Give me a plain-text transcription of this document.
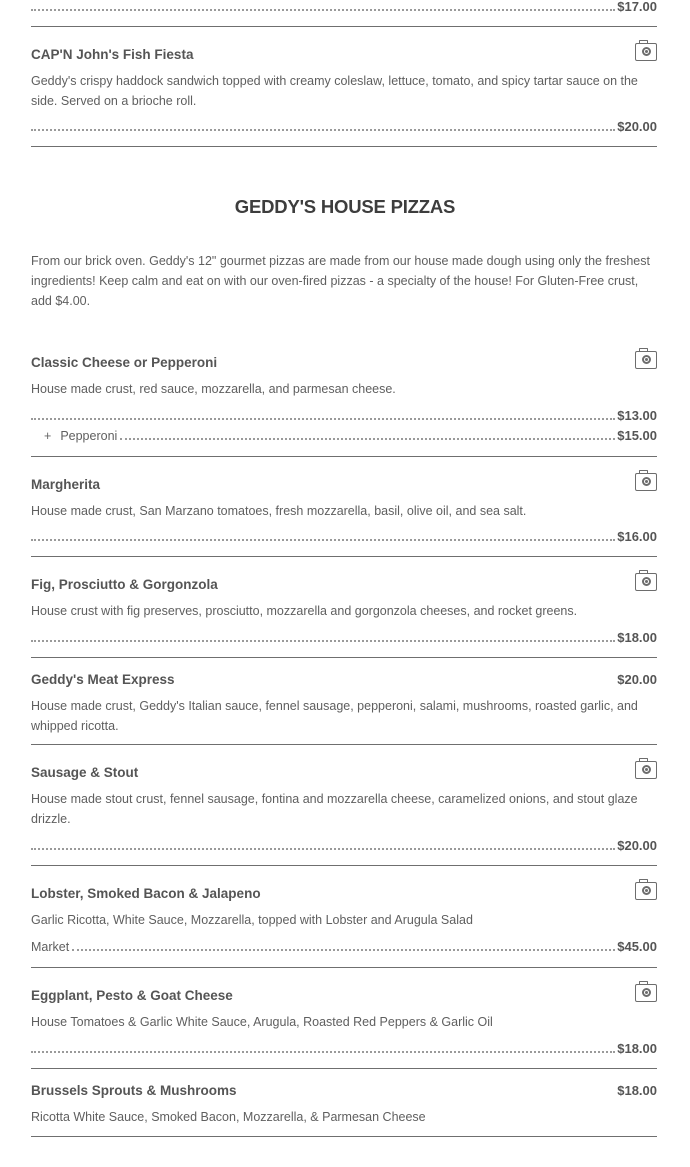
$17.00
CAP'N John's Fish Fiesta
Geddy's crispy haddock sandwich topped with creamy coleslaw, lettuce, tomato, and spicy tartar sauce on the side. Served on a brioche roll.
$20.00
GEDDY'S HOUSE PIZZAS
From our brick oven. Geddy's 12" gourmet pizzas are made from our house made dough using only the freshest ingredients! Keep calm and eat on with our oven-fired pizzas - a specialty of the house! For Gluten-Free crust, add $4.00.
Classic Cheese or Pepperoni
House made crust, red sauce, mozzarella, and parmesan cheese.
$13.00
+ Pepperoni	$15.00
Margherita
House made crust, San Marzano tomatoes, fresh mozzarella, basil, olive oil, and sea salt.
$16.00
Fig, Prosciutto & Gorgonzola
House crust with fig preserves, prosciutto, mozzarella and gorgonzola cheeses, and rocket greens.
$18.00
Geddy's Meat Express	$20.00
House made crust, Geddy's Italian sauce, fennel sausage, pepperoni, salami, mushrooms, roasted garlic, and whipped ricotta.
Sausage & Stout
House made stout crust, fennel sausage, fontina and mozzarella cheese, caramelized onions, and stout glaze drizzle.
$20.00
Lobster, Smoked Bacon & Jalapeno
Garlic Ricotta, White Sauce, Mozzarella, topped with Lobster and Arugula Salad
Market	$45.00
Eggplant, Pesto & Goat Cheese
House Tomatoes & Garlic White Sauce, Arugula, Roasted Red Peppers & Garlic Oil
$18.00
Brussels Sprouts & Mushrooms	$18.00
Ricotta White Sauce, Smoked Bacon, Mozzarella, & Parmesan Cheese
